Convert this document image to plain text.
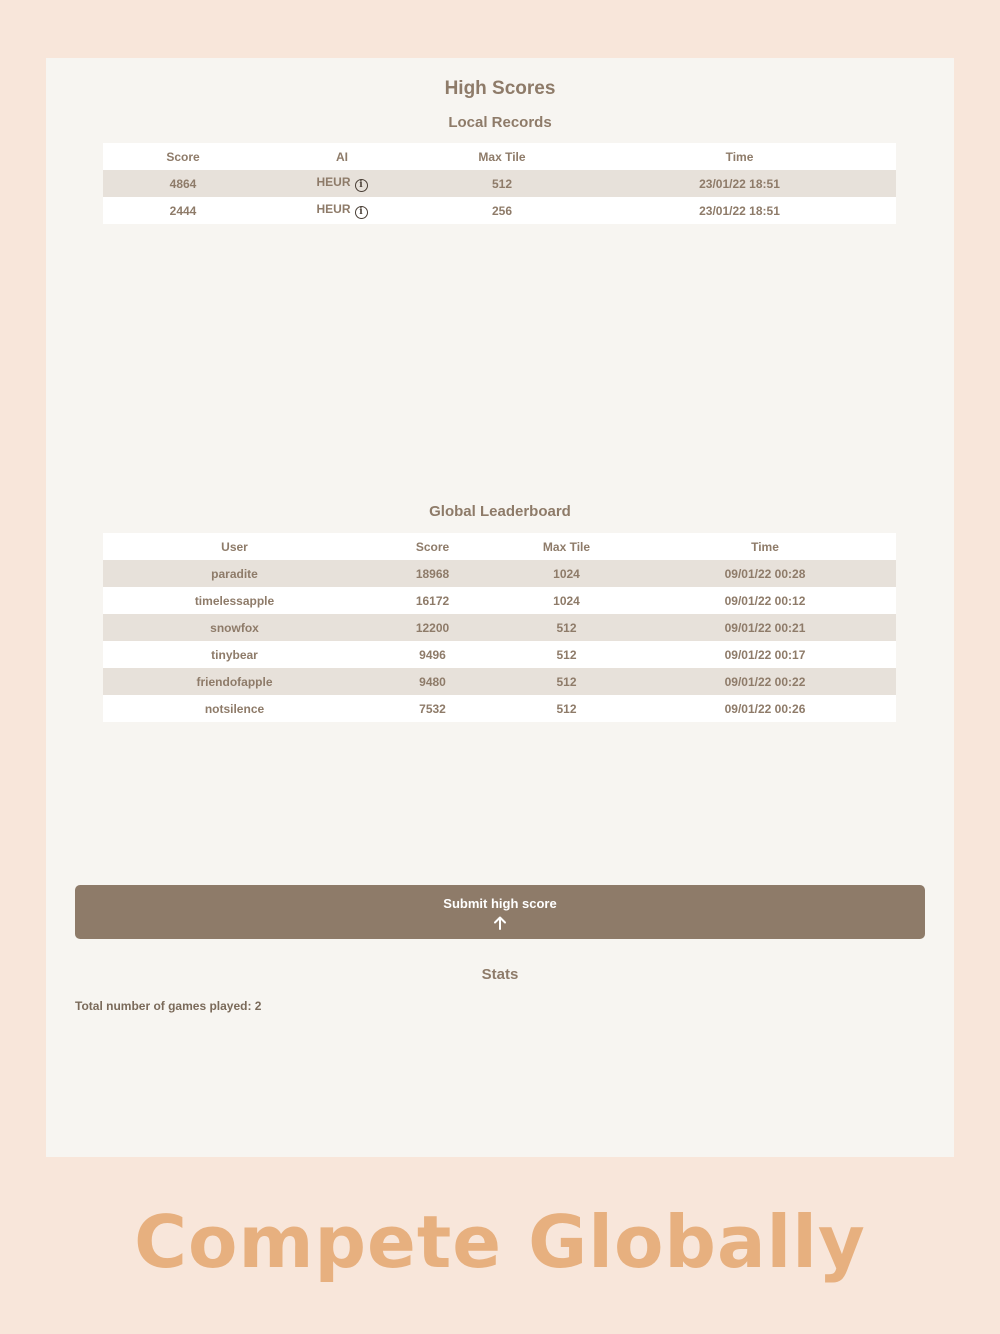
High Scores
Local Records
Score	AI	Max Tile	Time
4864	HEUR i	512	23/01/22 18:51
2444	HEUR i	256	23/01/22 18:51
Global Leaderboard
User	Score	Max Tile	Time
paradite	18968	1024	09/01/22 00:28
timelessapple	16172	1024	09/01/22 00:12
snowfox	12200	512	09/01/22 00:21
tinybear	9496	512	09/01/22 00:17
friendofapple	9480	512	09/01/22 00:22
notsilence	7532	512	09/01/22 00:26
Submit high score
Stats
Total number of games played: 2
Compete Globally
